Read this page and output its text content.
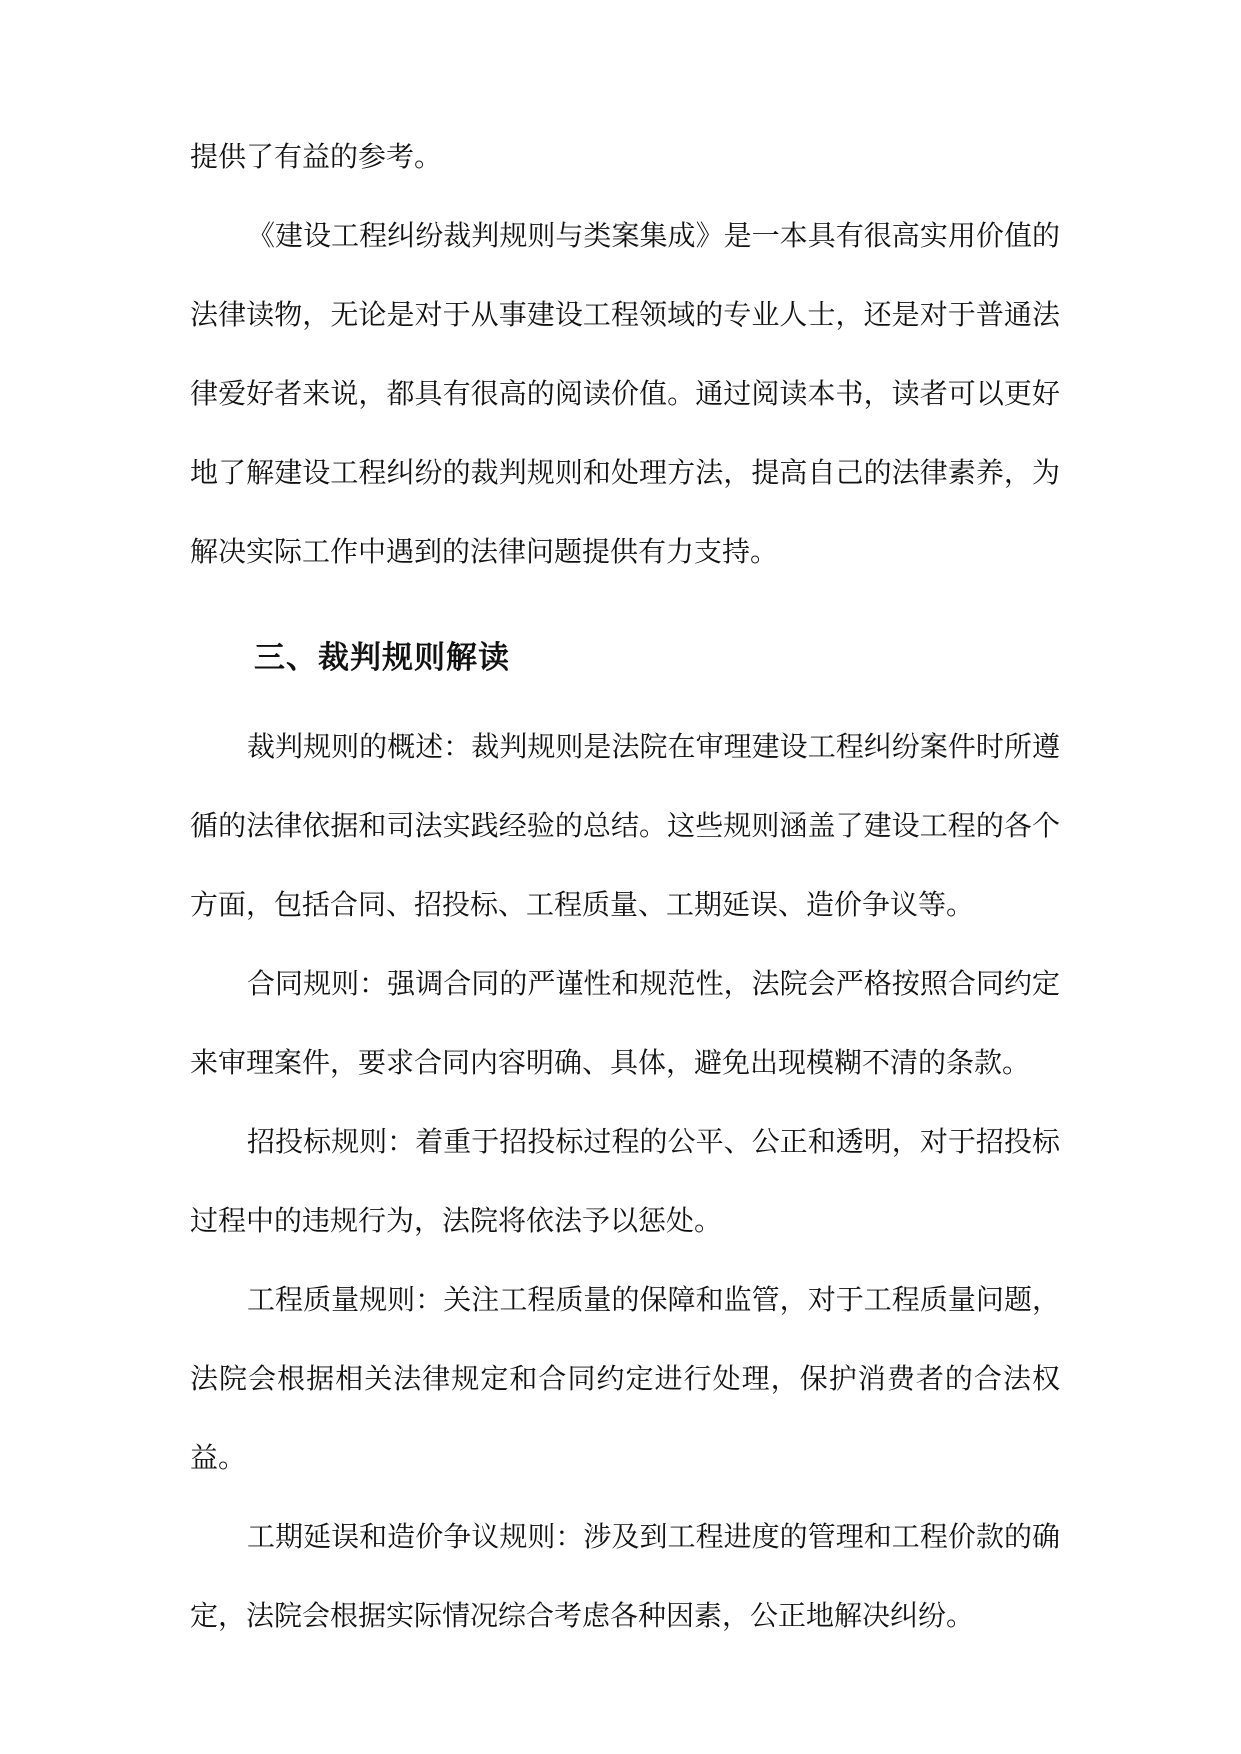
提供了有益的参考。

《建设工程纠纷裁判规则与类案集成》是一本具有很高实用价值的法律读物，无论是对于从事建设工程领域的专业人士，还是对于普通法律爱好者来说，都具有很高的阅读价值。通过阅读本书，读者可以更好地了解建设工程纠纷的裁判规则和处理方法，提高自己的法律素养，为解决实际工作中遇到的法律问题提供有力支持。

三、裁判规则解读

裁判规则的概述：裁判规则是法院在审理建设工程纠纷案件时所遵循的法律依据和司法实践经验的总结。这些规则涵盖了建设工程的各个方面，包括合同、招投标、工程质量、工期延误、造价争议等。

合同规则：强调合同的严谨性和规范性，法院会严格按照合同约定来审理案件，要求合同内容明确、具体，避免出现模糊不清的条款。

招投标规则：着重于招投标过程的公平、公正和透明，对于招投标过程中的违规行为，法院将依法予以惩处。

工程质量规则：关注工程质量的保障和监管，对于工程质量问题，法院会根据相关法律规定和合同约定进行处理，保护消费者的合法权益。

工期延误和造价争议规则：涉及到工程进度的管理和工程价款的确定，法院会根据实际情况综合考虑各种因素，公正地解决纠纷。
